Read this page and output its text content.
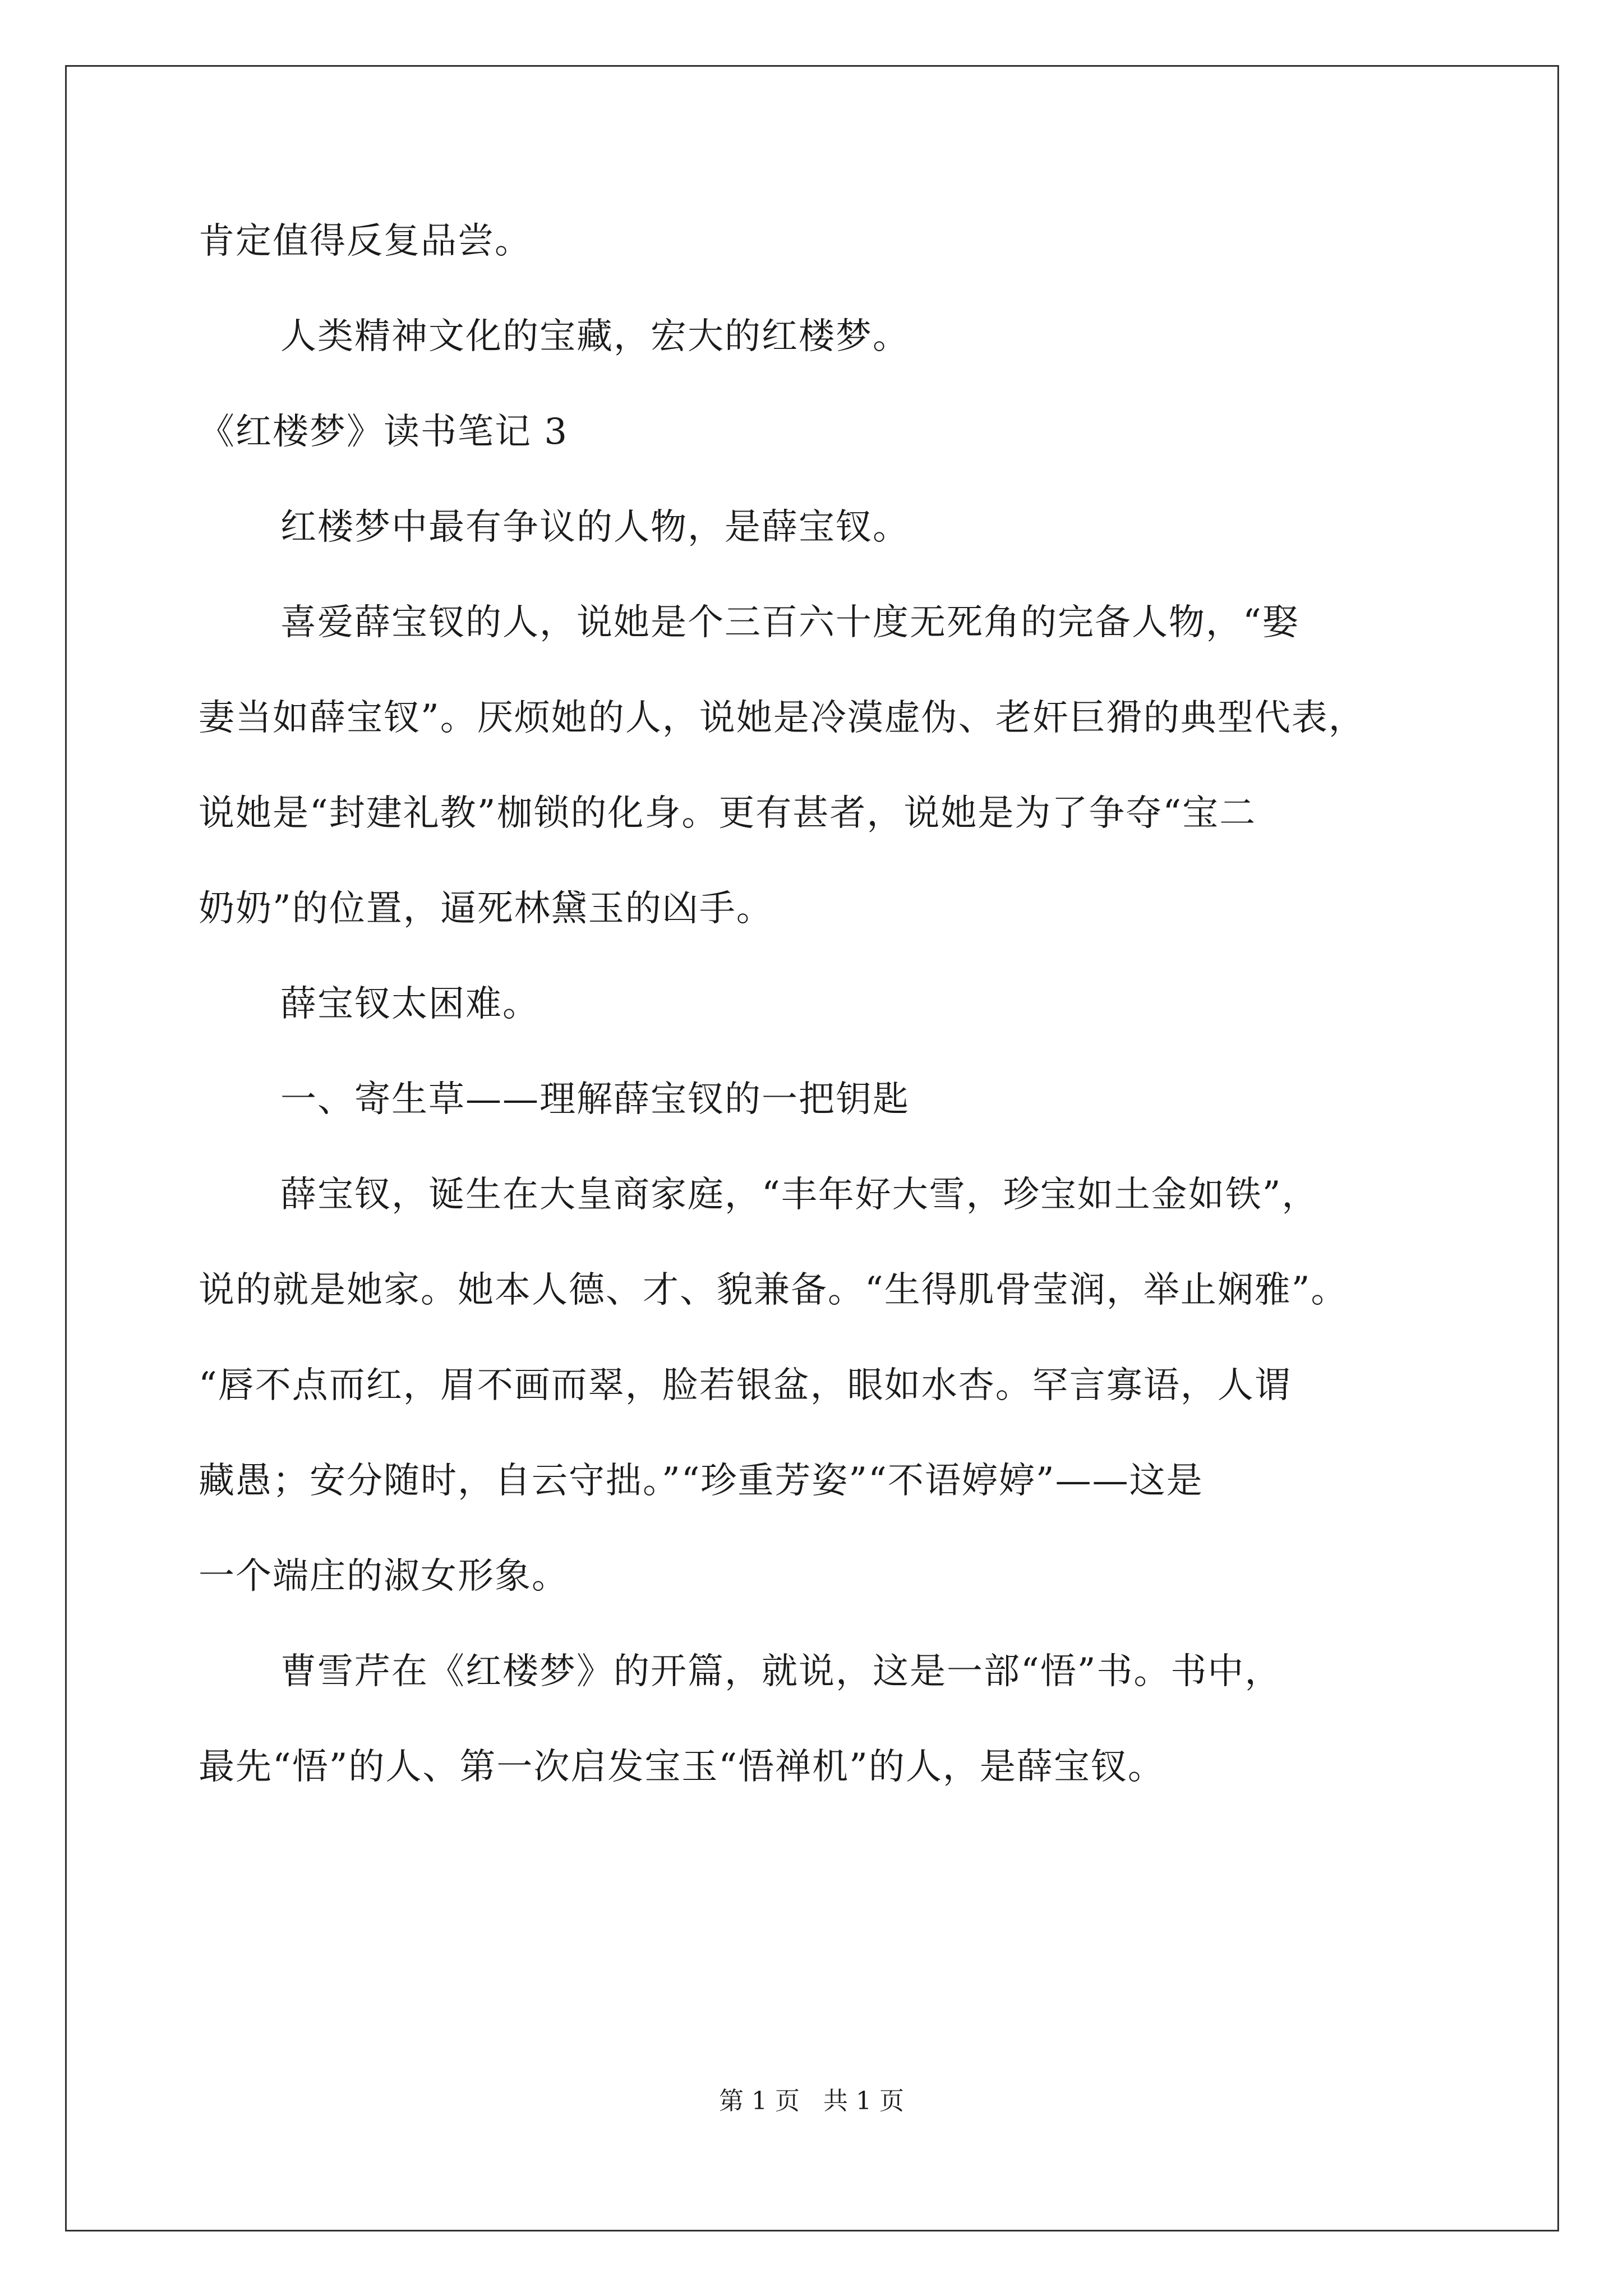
肯定值得反复品尝。
人类精神文化的宝藏，宏大的红楼梦。
《红楼梦》读书笔记 3
红楼梦中最有争议的人物，是薛宝钗。
喜爱薛宝钗的人，说她是个三百六十度无死角的完备人物，“娶
妻当如薛宝钗”。厌烦她的人，说她是冷漠虚伪、老奸巨猾的典型代表，
说她是“封建礼教”枷锁的化身。更有甚者，说她是为了争夺“宝二
奶奶”的位置，逼死林黛玉的凶手。
薛宝钗太困难。
一、寄生草——理解薛宝钗的一把钥匙
薛宝钗，诞生在大皇商家庭，“丰年好大雪，珍宝如土金如铁”，
说的就是她家。她本人德、才、貌兼备。“生得肌骨莹润，举止娴雅”。
“唇不点而红，眉不画而翠，脸若银盆，眼如水杏。罕言寡语，人谓
藏愚；安分随时，自云守拙。”“珍重芳姿”“不语婷婷”——这是
一个端庄的淑女形象。
曹雪芹在《红楼梦》的开篇，就说，这是一部“悟”书。书中，
最先“悟”的人、第一次启发宝玉“悟禅机”的人，是薛宝钗。
第 1 页   共 1 页
